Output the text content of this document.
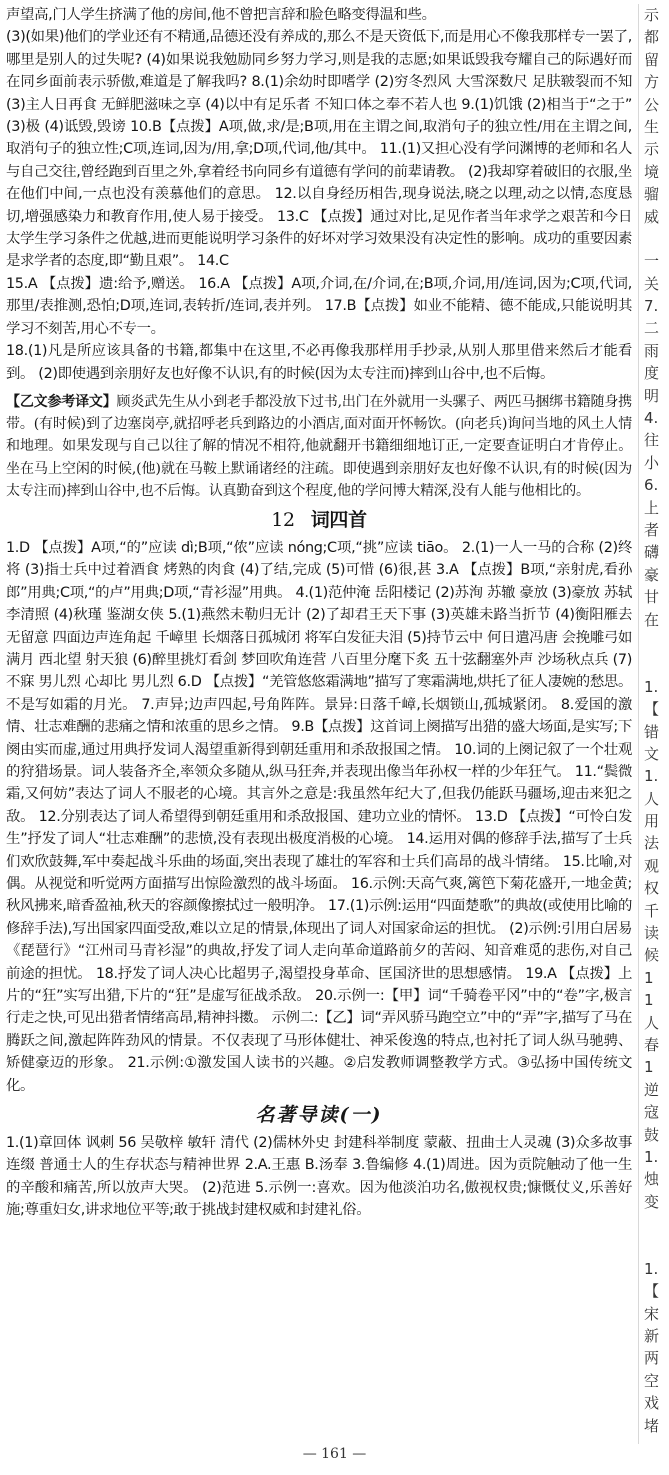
声望高,门人学生挤满了他的房间,他不曾把言辞和脸色略变得温和些。

(3)(如果)他们的学业还有不精通,品德还没有养成的,那么不是天资低下,而是用心不像我那样专一罢了,哪里是别人的过失呢? (4)如果说我勉励同乡努力学习,则是我的志愿;如果诋毁我夸耀自己的际遇好而在同乡面前表示骄傲,难道是了解我吗? 8.(1)余幼时即嗜学 (2)穷冬烈风 大雪深数尺 足肤皲裂而不知 (3)主人日再食 无鲜肥滋味之享 (4)以中有足乐者 不知口体之奉不若人也 9.(1)饥饿 (2)相当于“之于” (3)极 (4)诋毁,毁谤 10.B【点拨】A项,做,求/是;B项,用在主谓之间,取消句子的独立性/用在主谓之间,取消句子的独立性;C项,连词,因为/用,拿;D项,代词,他/其中。 11.(1)又担心没有学问渊博的老师和名人与自己交往,曾经跑到百里之外,拿着经书向同乡有道德有学问的前辈请教。 (2)我却穿着破旧的衣服,坐在他们中间,一点也没有羡慕他们的意思。 12.以自身经历相告,现身说法,晓之以理,动之以情,态度恳切,增强感染力和教育作用,使人易于接受。 13.C 【点拨】通过对比,足见作者当年求学之艰苦和今日太学生学习条件之优越,进而更能说明学习条件的好坏对学习效果没有决定性的影响。成功的重要因素是求学者的态度,即“勤且艰”。 14.C

15.A 【点拨】遗:给予,赠送。 16.A 【点拨】A项,介词,在/介词,在;B项,介词,用/连词,因为;C项,代词,那里/表推测,恐怕;D项,连词,表转折/连词,表并列。 17.B【点拨】如业不能精、德不能成,只能说明其学习不刻苦,用心不专一。

18.(1)凡是所应该具备的书籍,都集中在这里,不必再像我那样用手抄录,从别人那里借来然后才能看到。 (2)即使遇到亲朋好友也好像不认识,有的时候(因为太专注而)摔到山谷中,也不后悔。

【乙文参考译文】顾炎武先生从小到老手都没放下过书,出门在外就用一头骡子、两匹马捆绑书籍随身携带。(有时候)到了边塞岗亭,就招呼老兵到路边的小酒店,面对面开怀畅饮。(向老兵)询问当地的风土人情和地理。如果发现与自己以往了解的情况不相符,他就翻开书籍细细地订正,一定要查证明白才肯停止。坐在马上空闲的时候,(他)就在马鞍上默诵诸经的注疏。即使遇到亲朋好友也好像不认识,有的时候(因为太专注而)摔到山谷中,也不后悔。认真勤奋到这个程度,他的学问博大精深,没有人能与他相比的。

12 词四首

1.D 【点拨】A项,“的”应读 dì;B项,“侬”应读 nóng;C项,“挑”应读 tiāo。 2.(1)一人一马的合称 (2)终将 (3)指士兵中过着酒食 烤熟的肉食 (4)了结,完成 (5)可惜 (6)很,甚 3.A 【点拨】B项,“亲射虎,看孙郎”用典;C项,“的卢”用典;D项,“青衫湿”用典。 4.(1)范仲淹 岳阳楼记 (2)苏洵 苏辙 豪放 (3)豪放 苏轼 李清照 (4)秋瑾 鉴湖女侠 5.(1)燕然未勒归无计 (2)了却君王天下事 (3)英雄未路当折节 (4)衡阳雁去无留意 四面边声连角起 千嶂里 长烟落日孤城闭 将军白发征夫泪 (5)持节云中 何日遣冯唐 会挽雕弓如满月 西北望 射天狼 (6)醉里挑灯看剑 梦回吹角连营 八百里分麾下炙 五十弦翻塞外声 沙场秋点兵 (7)不寐 男儿烈 心却比 男儿烈 6.D 【点拨】“羌管悠悠霜满地”描写了寒霜满地,烘托了征人凄婉的愁思。不是写如霜的月光。 7.声异;边声四起,号角阵阵。景异:日落千嶂,长烟锁山,孤城紧闭。 8.爱国的激情、壮志难酬的悲痛之情和浓重的思乡之情。 9.B【点拨】这首词上阕描写出猎的盛大场面,是实写;下阕由实而虚,通过用典抒发词人渴望重新得到朝廷重用和杀敌报国之情。 10.词的上阕记叙了一个壮观的狩猎场景。词人装备齐全,率领众多随从,纵马狂奔,并表现出像当年孙权一样的少年狂气。 11.“鬓微霜,又何妨”表达了词人不服老的心境。其言外之意是:我虽然年纪大了,但我仍能跃马疆场,迎击来犯之敌。 12.分别表达了词人希望得到朝廷重用和杀敌报国、建功立业的情怀。 13.D 【点拨】“可怜白发生”抒发了词人“壮志难酬”的悲愤,没有表现出极度消极的心境。 14.运用对偶的修辞手法,描写了士兵们欢欣鼓舞,军中奏起战斗乐曲的场面,突出表现了雄壮的军容和士兵们高昂的战斗情绪。 15.比喻,对偶。从视觉和听觉两方面描写出惊险激烈的战斗场面。 16.示例:天高气爽,篱笆下菊花盛开,一地金黄;秋风拂来,暗香盈袖,秋天的容颜像擦拭过一般明净。 17.(1)示例:运用“四面楚歌”的典故(或使用比喻的修辞手法),写出国家四面受敌,难以立足的情景,体现出了词人对国家命运的担忧。 (2)示例:引用白居易《琵琶行》“江州司马青衫湿”的典故,抒发了词人走向革命道路前夕的苦闷、知音难觅的悲伤,对自己前途的担忧。 18.抒发了词人决心比超男子,渴望投身革命、匡国济世的思想感情。 19.A 【点拨】上片的“狂”实写出猎,下片的“狂”是虚写征战杀敌。 20.示例一:【甲】词“千骑卷平冈”中的“卷”字,极言行走之快,可见出猎者情绪高昂,精神抖擞。 示例二:【乙】词“弄风骄马跑空立”中的“弄”字,描写了马在腾跃之间,激起阵阵劲风的情景。不仅表现了马形体健壮、神采俊逸的特点,也衬托了词人纵马驰骋、矫健豪迈的形象。 21.示例:①激发国人读书的兴趣。②启发教师调整教学方式。③弘扬中国传统文化。

名著导读(一)

1.(1)章回体 讽刺 56 吴敬梓 敏轩 清代 (2)儒林外史 封建科举制度 蒙蔽、扭曲士人灵魂 (3)众多故事连缀 普通士人的生存状态与精神世界 2.A.王惠 B.汤奉 3.鲁编修 4.(1)周进。因为贡院触动了他一生的辛酸和痛苦,所以放声大哭。 (2)范进 5.示例一:喜欢。因为他淡泊功名,傲视权贵;慷慨仗义,乐善好施;尊重妇女,讲求地位平等;敢于挑战封建权威和封建礼俗。

示
都
留
方
公
生
示
境
骝
威
一
关
7.
二
雨
度
明
4.
往
小
6.
上
者
礴
豪
甘
在
1.
【
错
文
1.
人
用
法
观
权
千
读
候
1
1
人
春
1
逆
寇
鼓
1.
烛
变
1.
【
宋
新
两
空
戏
堵
— 161 —
